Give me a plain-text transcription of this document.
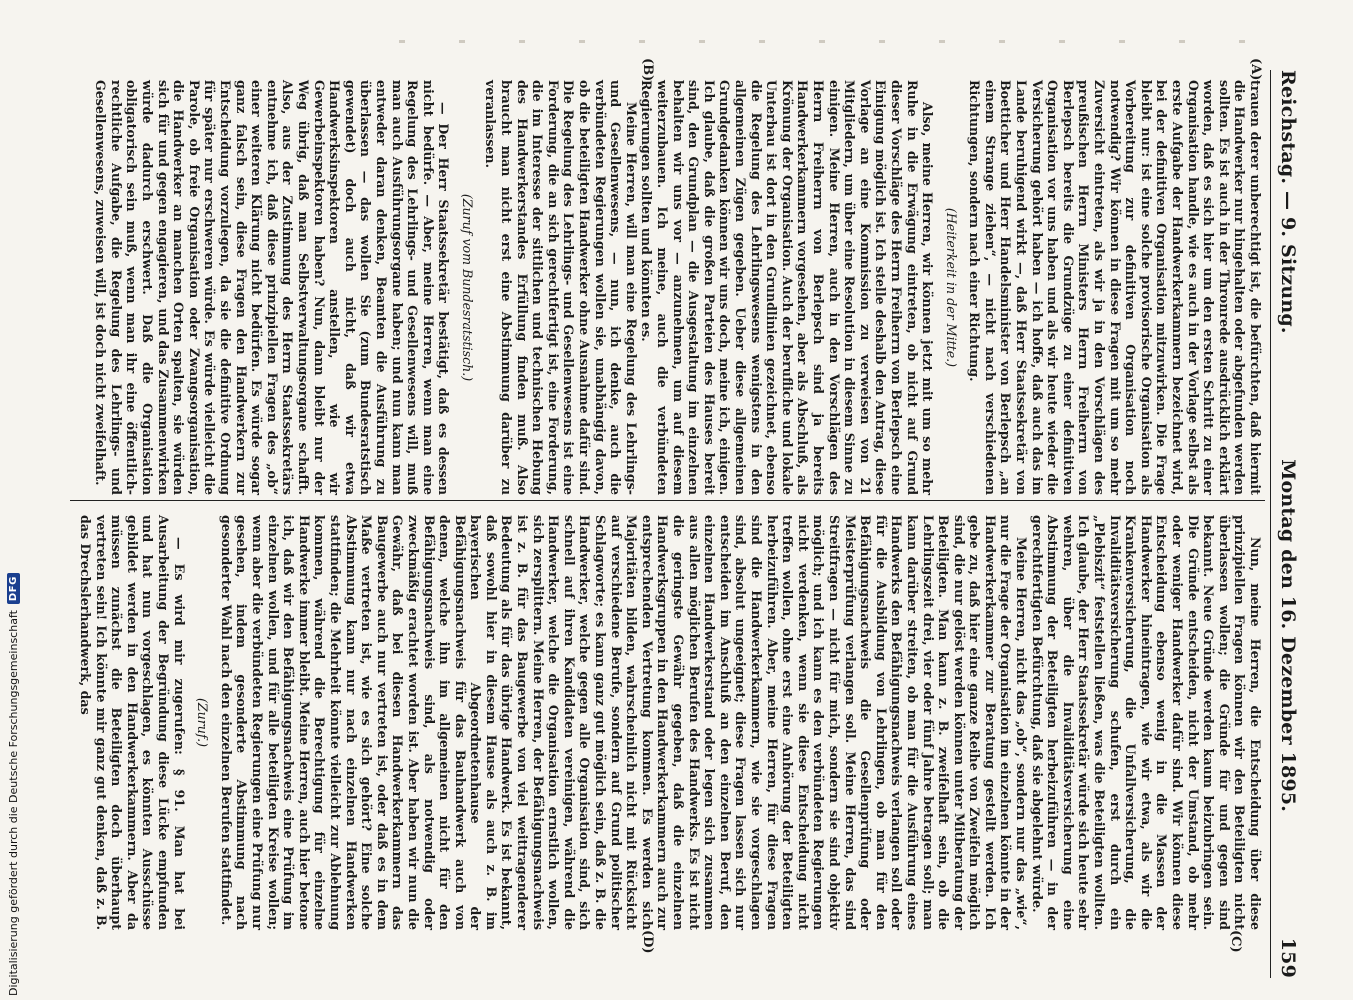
Reichstag. — 9. Sitzung.
Montag den 16. Dezember 1895.
159
(A)
(B)
(C)
(D)

trauen derer unberechtigt ist, die befürchten, daß hiermit die Handwerker nur hingehalten oder abgefunden werden sollten. Es ist auch in der Thronrede ausdrücklich erklärt worden, daß es sich hier um den ersten Schritt zu einer Organisation handle, wie es auch in der Vorlage selbst als erste Aufgabe der Handwerkerkammern bezeichnet wird, bei der definitiven Organisation mitzuwirken. Die Frage bleibt nur: ist eine solche provisorische Organisation als Vorbereitung zur definitiven Organisation noch notwendig? Wir können in diese Fragen mit um so mehr Zuversicht eintreten, als wir ja in den Vorschlägen des preußischen Herrn Ministers Herrn Freiherrn von Berlepsch bereits die Grundzüge zu einer definitiven Organisation vor uns haben und als wir heute wieder die Versicherung gehört haben — ich hoffe, daß auch das im Lande beruhigend wirkt —, daß Herr Staatssekretär von Boetticher und Herr Handelsminister von Berlepsch „an einem Strange ziehen“, — nicht nach verschiedenen Richtungen, sondern nach einer Richtung.

(Heiterkeit in der Mitte.)

Also, meine Herren, wir können jetzt mit um so mehr Ruhe in die Erwägung eintreten, ob nicht auf Grund dieser Vorschläge des Herrn Freiherrn von Berlepsch eine Einigung möglich ist. Ich stelle deshalb den Antrag, diese Vorlage an eine Kommission zu verweisen von 21 Mitgliedern, um über eine Resolution in diesem Sinne zu einigen. Meine Herren, auch in den Vorschlägen des Herrn Freiherrn von Berlepsch sind ja bereits Handwerkerkammern vorgesehen, aber als Abschluß, als Krönung der Organisation. Auch der berufliche und lokale Unterbau ist dort in den Grundlinien gezeichnet, ebenso die Regelung des Lehrlingswesens wenigstens in den allgemeinen Zügen gegeben. Ueber diese allgemeinen Grundgedanken können wir uns doch, meine ich, einigen. Ich glaube, daß die großen Parteien des Hauses bereit sind, den Grundplan — die Ausgestaltung im einzelnen behalten wir uns vor — anzunehmen, um auf diesem weiterzubauen. Ich meine, auch die verbündeten Regierungen sollten und könnten es.

Meine Herren, will man eine Regelung des Lehrlings- und Gesellenwesens, — nun, ich denke, auch die verbündeten Regierungen wollen sie, unabhängig davon, ob die beteiligten Handwerker ohne Ausnahme dafür sind. Die Regelung des Lehrlings- und Gesellenwesens ist eine Forderung, die an sich gerechtfertigt ist, eine Forderung, die im Interesse der sittlichen und technischen Hebung des Handwerkerstandes Erfüllung finden muß. Also braucht man nicht erst eine Abstimmung darüber zu veranlassen.

(Zuruf vom Bundesratstisch.)

— Der Herr Staatssekretär bestätigt, daß es dessen nicht bedürfe. — Aber, meine Herren, wenn man eine Regelung des Lehrlings- und Gesellenwesens will, muß man auch Ausführungsorgane haben; und nun kann man entweder daran denken, Beamten die Ausführung zu überlassen — das wollen Sie (zum Bundesratstisch gewendet) doch auch nicht, daß wir etwa Handwerksinspektoren anstellen, wie wir Gewerbeinspektoren haben? Nun, dann bleibt nur der Weg übrig, daß man Selbstverwaltungsorgane schafft. Also, aus der Zustimmung des Herrn Staatssekretärs entnehme ich, daß diese prinzipiellen Fragen des „ob“ einer weiteren Klärung nicht bedürfen. Es würde sogar ganz falsch sein, diese Fragen den Handwerkern zur Entscheidung vorzulegen, da sie die definitive Ordnung für später nur erschweren würde. Es würde vielleicht die Parole, ob freie Organisation oder Zwangsorganisation, die Handwerker an manchen Orten spalten, sie würden sich für und gegen engagieren, und das Zusammenwirken würde dadurch erschwert. Daß die Organisation obligatorisch sein muß, wenn man ihr eine öffentlich-rechtliche Aufgabe, die Regelung des Lehrlings- und Gesellenwesens, zuweisen will, ist doch nicht zweifelhaft.

Nun, meine Herren, die Entscheidung über diese prinzipiellen Fragen können wir den Beteiligten nicht überlassen wollen; die Gründe für und gegen sind bekannt. Neue Gründe werden kaum beizubringen sein. Die Gründe entscheiden, nicht der Umstand, ob mehr oder weniger Handwerker dafür sind. Wir können diese Entscheidung ebenso wenig in die Massen der Handwerker hineintragen, wie wir etwa, als wir die Krankenversicherung, die Unfallversicherung, die Invaliditätsversicherung schufen, erst durch ein „Plebiszit“ feststellen ließen, was die Beteiligten wollten. Ich glaube, der Herr Staatssekretär würde sich heute sehr wehren, über die Invaliditätsversicherung eine Abstimmung der Beteiligten herbeizuführen — in der gerechtfertigten Befürchtung, daß sie abgelehnt würde.

Meine Herren, nicht das „ob“, sondern nur das „wie“, nur die Frage der Organisation im einzelnen könnte in der Handwerkerkammer zur Beratung gestellt werden. Ich gebe zu, daß hier eine ganze Reihe von Zweifeln möglich sind, die nur gelöst werden können unter Mitberatung der Beteiligten. Man kann z. B. zweifelhaft sein, ob die Lehrlingszeit drei, vier oder fünf Jahre betragen soll; man kann darüber streiten, ob man für die Ausführung eines Handwerks den Befähigungsnachweis verlangen soll oder für die Ausbildung von Lehrlingen, ob man für den Befähigungsnachweis die Gesellenprüfung oder Meisterprüfung verlangen soll. Meine Herren, das sind Streitfragen — nicht für mich, sondern sie sind objektiv möglich; und ich kann es den verbündeten Regierungen nicht verdenken, wenn sie diese Entscheidung nicht treffen wollen, ohne erst eine Anhörung der Beteiligten herbeizuführen. Aber, meine Herren, für diese Fragen sind die Handwerkerkammern, wie sie vorgeschlagen sind, absolut ungeeignet; diese Fragen lassen sich nur entscheiden im Anschluß an den einzelnen Beruf, den einzelnen Handwerkerstand oder legen sich zusammen aus allen möglichen Berufen des Handwerks. Es ist nicht die geringste Gewähr gegeben, daß die einzelnen Handwerksgruppen in den Handwerkerkammern auch zur entsprechenden Vertretung kommen. Es werden sich Majoritäten bilden, wahrscheinlich nicht mit Rücksicht auf verschiedene Berufe, sondern auf Grund politischer Schlagworte; es kann ganz gut möglich sein, daß z. B. die Handwerker, welche gegen alle Organisation sind, sich schnell auf ihren Kandidaten vereinigen, während die Handwerker, welche die Organisation ernstlich wollen, sich zersplittern. Meine Herren, der Befähigungsnachweis ist z. B. für das Baugewerbe von viel weittragenderer Bedeutung als für das übrige Handwerk. Es ist bekannt, daß sowohl hier in diesem Hause als auch z. B. im bayerischen Abgeordnetenhause der Befähigungsnachweis für das Bauhandwerk auch von denen, welche ihn im allgemeinen nicht für den Befähigungsnachweis sind, als notwendig oder zweckmäßig erachtet worden ist. Aber haben wir nun die Gewähr, daß bei diesen Handwerkerkammern das Baugewerbe auch nur vertreten ist, oder daß es in dem Maße vertreten ist, wie es sich gehört? Eine solche Abstimmung kann nur nach einzelnen Handwerken stattfinden; die Mehrheit könnte vielleicht zur Ablehnung kommen, während die Berechtigung für einzelne Handwerke immer bleibt. Meine Herren, auch hier betone ich, daß wir den Befähigungsnachweis eine Prüfung im einzelnen wollen, und für alle beteiligten Kreise wollen; wenn aber die verbündeten Regierungen eine Prüfung nur gesehen, indem gesonderte Abstimmung nach gesonderter Wahl nach den einzelnen Berufen stattfindet.

(Zuruf.)

— Es wird mir zugerufen: § 91. Man hat bei Ausarbeitung der Begründung diese Lücke empfunden und hat nun vorgeschlagen, es könnten Ausschüsse gebildet werden in den Handwerkerkammern. Aber da müssen zunächst die Beteiligten doch überhaupt vertreten sein! Ich könnte mir ganz gut denken, daß z. B. das Drechslerhandwerk, das

Digitalisierung gefördert durch die Deutsche Forschungsgemeinschaft
DFG
